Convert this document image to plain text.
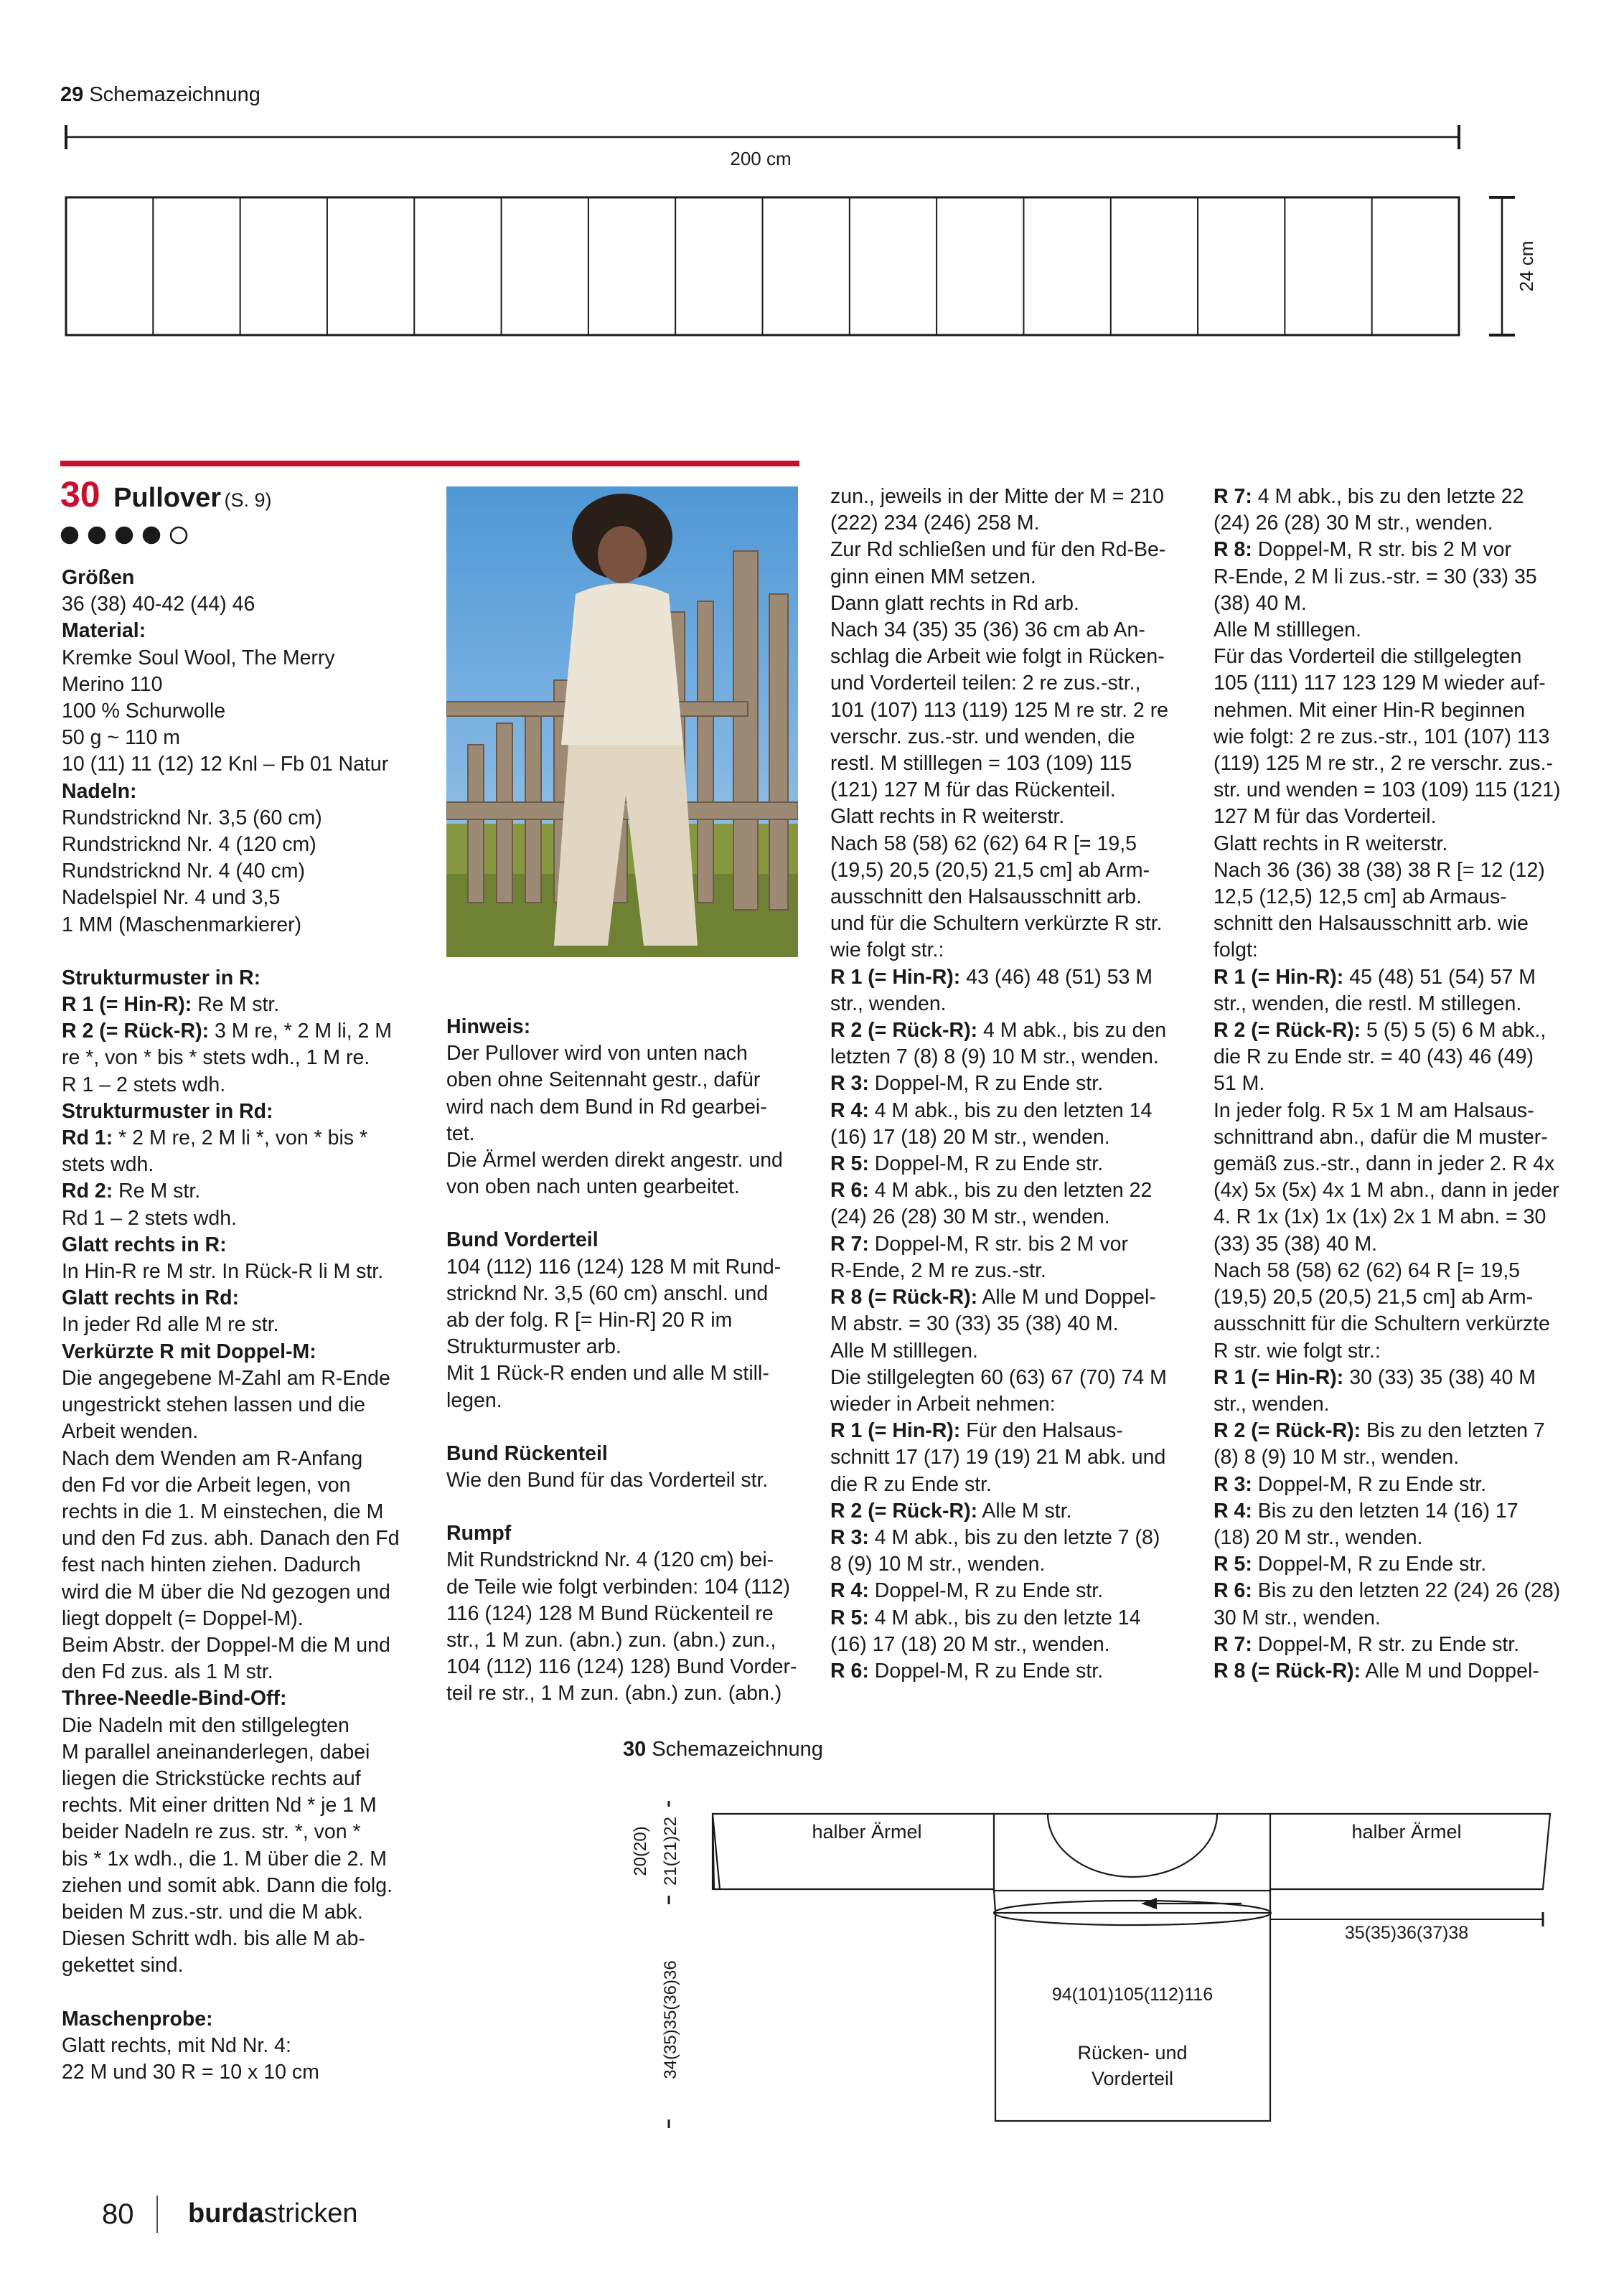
29 Schemazeichnung
200 cm
24 cm
30 Pullover (S. 9)
Größen
36 (38) 40-42 (44) 46
Material:
Kremke Soul Wool, The Merry
Merino 110
100 % Schurwolle
50 g ~ 110 m
10 (11) 11 (12) 12 Knl – Fb 01 Natur
Nadeln:
Rundstricknd Nr. 3,5 (60 cm)
Rundstricknd Nr. 4 (120 cm)
Rundstricknd Nr. 4 (40 cm)
Nadelspiel Nr. 4 und 3,5
1 MM (Maschenmarkierer)
Strukturmuster in R:
R 1 (= Hin-R): Re M str.
R 2 (= Rück-R): 3 M re, * 2 M li, 2 M
re *, von * bis * stets wdh., 1 M re.
R 1 – 2 stets wdh.
Strukturmuster in Rd:
Rd 1: * 2 M re, 2 M li *, von * bis *
stets wdh.
Rd 2: Re M str.
Rd 1 – 2 stets wdh.
Glatt rechts in R:
In Hin-R re M str. In Rück-R li M str.
Glatt rechts in Rd:
In jeder Rd alle M re str.
Verkürzte R mit Doppel-M:
Die angegebene M-Zahl am R-Ende
ungestrickt stehen lassen und die
Arbeit wenden.
Nach dem Wenden am R-Anfang
den Fd vor die Arbeit legen, von
rechts in die 1. M einstechen, die M
und den Fd zus. abh. Danach den Fd
fest nach hinten ziehen. Dadurch
wird die M über die Nd gezogen und
liegt doppelt (= Doppel-M).
Beim Abstr. der Doppel-M die M und
den Fd zus. als 1 M str.
Three-Needle-Bind-Off:
Die Nadeln mit den stillgelegten
M parallel aneinanderlegen, dabei
liegen die Strickstücke rechts auf
rechts. Mit einer dritten Nd * je 1 M
beider Nadeln re zus. str. *, von *
bis * 1x wdh., die 1. M über die 2. M
ziehen und somit abk. Dann die folg.
beiden M zus.-str. und die M abk.
Diesen Schritt wdh. bis alle M ab-
gekettet sind.
Maschenprobe:
Glatt rechts, mit Nd Nr. 4:
22 M und 30 R = 10 x 10 cm
Hinweis:
Der Pullover wird von unten nach
oben ohne Seitennaht gestr., dafür
wird nach dem Bund in Rd gearbei-
tet.
Die Ärmel werden direkt angestr. und
von oben nach unten gearbeitet.
Bund Vorderteil
104 (112) 116 (124) 128 M mit Rund-
stricknd Nr. 3,5 (60 cm) anschl. und
ab der folg. R [= Hin-R] 20 R im
Strukturmuster arb.
Mit 1 Rück-R enden und alle M still-
legen.
Bund Rückenteil
Wie den Bund für das Vorderteil str.
Rumpf
Mit Rundstricknd Nr. 4 (120 cm) bei-
de Teile wie folgt verbinden: 104 (112)
116 (124) 128 M Bund Rückenteil re
str., 1 M zun. (abn.) zun. (abn.) zun.,
104 (112) 116 (124) 128) Bund Vorder-
teil re str., 1 M zun. (abn.) zun. (abn.)
zun., jeweils in der Mitte der M = 210
(222) 234 (246) 258 M.
Zur Rd schließen und für den Rd-Be-
ginn einen MM setzen.
Dann glatt rechts in Rd arb.
Nach 34 (35) 35 (36) 36 cm ab An-
schlag die Arbeit wie folgt in Rücken-
und Vorderteil teilen: 2 re zus.-str.,
101 (107) 113 (119) 125 M re str. 2 re
verschr. zus.-str. und wenden, die
restl. M stilllegen = 103 (109) 115
(121) 127 M für das Rückenteil.
Glatt rechts in R weiterstr.
Nach 58 (58) 62 (62) 64 R [= 19,5
(19,5) 20,5 (20,5) 21,5 cm] ab Arm-
ausschnitt den Halsausschnitt arb.
und für die Schultern verkürzte R str.
wie folgt str.:
R 1 (= Hin-R): 43 (46) 48 (51) 53 M
str., wenden.
R 2 (= Rück-R): 4 M abk., bis zu den
letzten 7 (8) 8 (9) 10 M str., wenden.
R 3: Doppel-M, R zu Ende str.
R 4: 4 M abk., bis zu den letzten 14
(16) 17 (18) 20 M str., wenden.
R 5: Doppel-M, R zu Ende str.
R 6: 4 M abk., bis zu den letzten 22
(24) 26 (28) 30 M str., wenden.
R 7: Doppel-M, R str. bis 2 M vor
R-Ende, 2 M re zus.-str.
R 8 (= Rück-R): Alle M und Doppel-
M abstr. = 30 (33) 35 (38) 40 M.
Alle M stilllegen.
Die stillgelegten 60 (63) 67 (70) 74 M
wieder in Arbeit nehmen:
R 1 (= Hin-R): Für den Halsaus-
schnitt 17 (17) 19 (19) 21 M abk. und
die R zu Ende str.
R 2 (= Rück-R): Alle M str.
R 3: 4 M abk., bis zu den letzte 7 (8)
8 (9) 10 M str., wenden.
R 4: Doppel-M, R zu Ende str.
R 5: 4 M abk., bis zu den letzte 14
(16) 17 (18) 20 M str., wenden.
R 6: Doppel-M, R zu Ende str.
R 7: 4 M abk., bis zu den letzte 22
(24) 26 (28) 30 M str., wenden.
R 8: Doppel-M, R str. bis 2 M vor
R-Ende, 2 M li zus.-str. = 30 (33) 35
(38) 40 M.
Alle M stilllegen.
Für das Vorderteil die stillgelegten
105 (111) 117 123 129 M wieder auf-
nehmen. Mit einer Hin-R beginnen
wie folgt: 2 re zus.-str., 101 (107) 113
(119) 125 M re str., 2 re verschr. zus.-
str. und wenden = 103 (109) 115 (121)
127 M für das Vorderteil.
Glatt rechts in R weiterstr.
Nach 36 (36) 38 (38) 38 R [= 12 (12)
12,5 (12,5) 12,5 cm] ab Armaus-
schnitt den Halsausschnitt arb. wie
folgt:
R 1 (= Hin-R): 45 (48) 51 (54) 57 M
str., wenden, die restl. M stillegen.
R 2 (= Rück-R): 5 (5) 5 (5) 6 M abk.,
die R zu Ende str. = 40 (43) 46 (49)
51 M.
In jeder folg. R 5x 1 M am Halsaus-
schnittrand abn., dafür die M muster-
gemäß zus.-str., dann in jeder 2. R 4x
(4x) 5x (5x) 4x 1 M abn., dann in jeder
4. R 1x (1x) 1x (1x) 2x 1 M abn. = 30
(33) 35 (38) 40 M.
Nach 58 (58) 62 (62) 64 R [= 19,5
(19,5) 20,5 (20,5) 21,5 cm] ab Arm-
ausschnitt für die Schultern verkürzte
R str. wie folgt str.:
R 1 (= Hin-R): 30 (33) 35 (38) 40 M
str., wenden.
R 2 (= Rück-R): Bis zu den letzten 7
(8) 8 (9) 10 M str., wenden.
R 3: Doppel-M, R zu Ende str.
R 4: Bis zu den letzten 14 (16) 17
(18) 20 M str., wenden.
R 5: Doppel-M, R zu Ende str.
R 6: Bis zu den letzten 22 (24) 26 (28)
30 M str., wenden.
R 7: Doppel-M, R str. zu Ende str.
R 8 (= Rück-R): Alle M und Doppel-
30 Schemazeichnung
halber Ärmel	halber Ärmel
35(35)36(37)38
94(101)105(112)116
Rücken- und
Vorderteil
20(20) 21(21)22
34(35)35(36)36
80 burdastricken
